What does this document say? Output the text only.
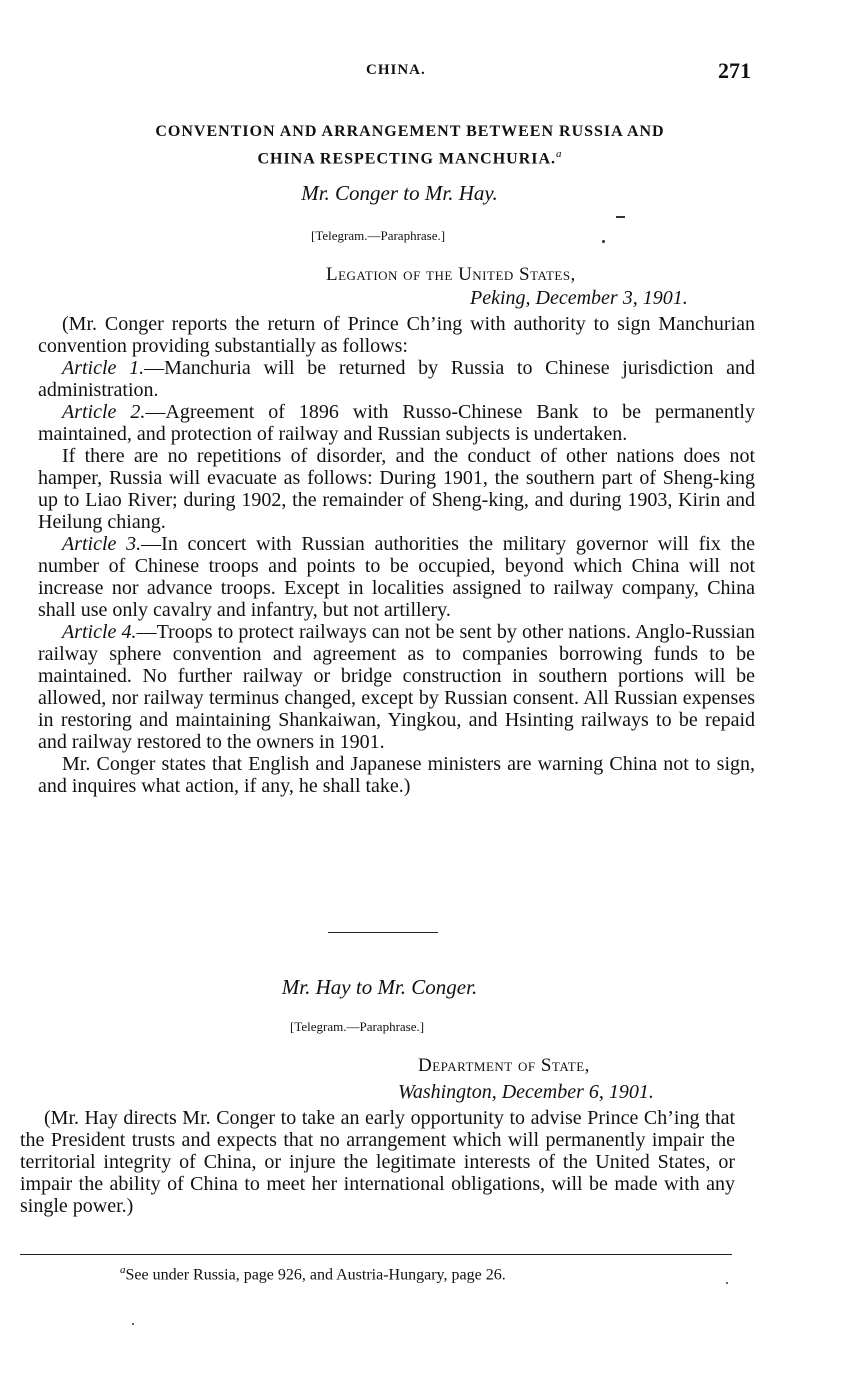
CHINA.	271
CONVENTION AND ARRANGEMENT BETWEEN RUSSIA AND
CHINA RESPECTING MANCHURIA.$^a$
Mr. Conger to Mr. Hay.
[Telegram.—Paraphrase.]
Legation of the United States,
Peking, December 3, 1901.

(Mr. Conger reports the return of Prince Ch’ing with authority to sign Manchurian convention providing substantially as follows:

Article 1.—Manchuria will be returned by Russia to Chinese jurisdiction and administration.

Article 2.—Agreement of 1896 with Russo-Chinese Bank to be permanently maintained, and protection of railway and Russian subjects is undertaken.

If there are no repetitions of disorder, and the conduct of other nations does not hamper, Russia will evacuate as follows: During 1901, the southern part of Sheng-king up to Liao River; during 1902, the remainder of Sheng-king, and during 1903, Kirin and Heilung chiang.

Article 3.—In concert with Russian authorities the military governor will fix the number of Chinese troops and points to be occupied, beyond which China will not increase nor advance troops. Except in localities assigned to railway company, China shall use only cavalry and infantry, but not artillery.

Article 4.—Troops to protect railways can not be sent by other nations. Anglo-Russian railway sphere convention and agreement as to companies borrowing funds to be maintained. No further railway or bridge construction in southern portions will be allowed, nor railway terminus changed, except by Russian consent. All Russian expenses in restoring and maintaining Shankaiwan, Yingkou, and Hsinting railways to be repaid and railway restored to the owners in 1901.

Mr. Conger states that English and Japanese ministers are warning China not to sign, and inquires what action, if any, he shall take.)

Mr. Hay to Mr. Conger.
[Telegram.—Paraphrase.]
Department of State,
Washington, December 6, 1901.

(Mr. Hay directs Mr. Conger to take an early opportunity to advise Prince Ch’ing that the President trusts and expects that no arrangement which will permanently impair the territorial integrity of China, or injure the legitimate interests of the United States, or impair the ability of China to meet her international obligations, will be made with any single power.)

$^a$See under Russia, page 926, and Austria-Hungary, page 26.
